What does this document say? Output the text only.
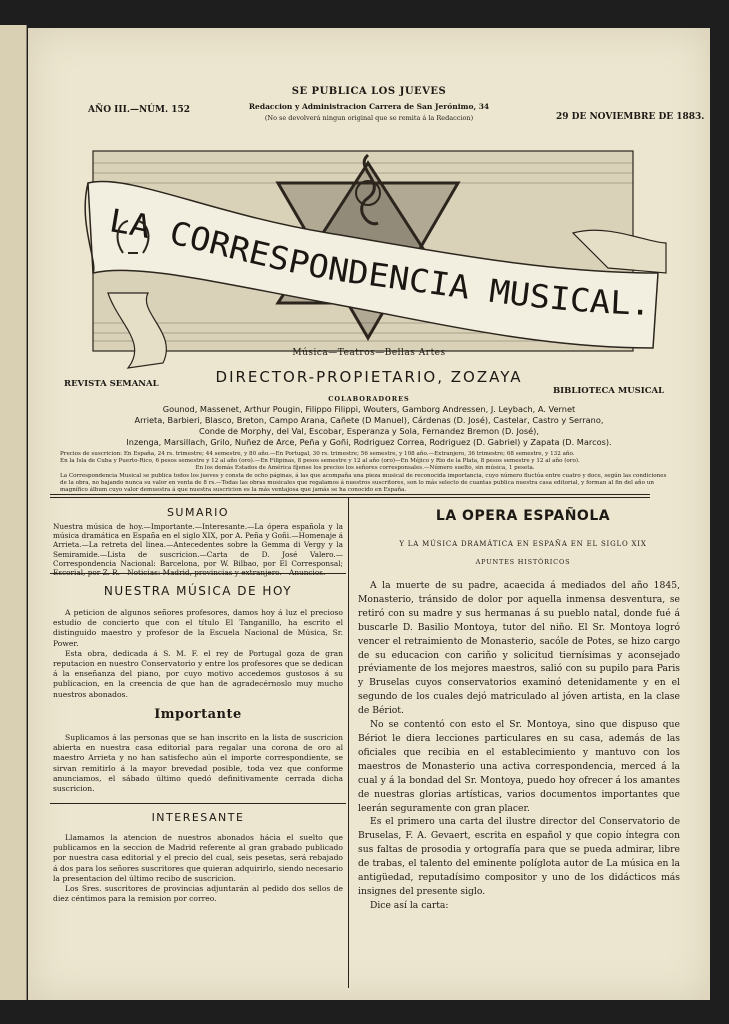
SE PUBLICA LOS JUEVES
Redaccion y Administracion Carrera de San Jerónimo, 34
(No se devolverá ningun original que se remita á la Redaccion)
AÑO III.—NÚM. 152
29 DE NOVIEMBRE DE 1883.
LA CORRESPONDENCIA MUSICAL.
Música—Teatros—Bellas Artes
DIRECTOR-PROPIETARIO, ZOZAYA
REVISTA SEMANAL
BIBLIOTECA MUSICAL
COLABORADORES
Gounod, Massenet, Arthur Pougin, Filippo Filippi, Wouters, Gamborg Andressen, J. Leybach, A. Vernet
Arrieta, Barbieri, Blasco, Breton, Campo Arana, Cañete (D Manuel), Cárdenas (D. José), Castelar, Castro y Serrano,
Conde de Morphy, del Val, Escobar, Esperanza y Sola, Fernandez Bremon (D. José),
Inzenga, Marsillach, Grilo, Nuñez de Arce, Peña y Goñi, Rodriguez Correa, Rodriguez (D. Gabriel) y Zapata (D. Marcos).
Precios de suscricion: En España, 24 rs. trimestre; 44 semestre, y 80 año.—En Portugal, 30 rs. trimestre; 56 semestre, y 108 año.—Extranjero, 36 trimestre; 68 semestre, y 132 año.
En la Isla de Cuba y Puerto-Rico, 6 pesos semestre y 12 al año (oro).—En Filipinas, 8 pesos semestre y 12 al año (oro)—En Méjico y Rio de la Plata, 8 pesos semestre y 12 al año (oro).
En los demás Estados de América fíjense los precios los señores corresponsales.—Número suelto, sin música, 1 peseta.
La Correspondencia Musical se publica todos los jueves y consta de ocho páginas, á las que acompaña una pieza musical de reconocida importancia, cuyo número fluctúa entre cuatro y doce, según las condiciones de la obra, no bajando nunca su valor en venta de 8 rs.—Todas las obras musicales que regalamos á nuestros suscritores, son lo más selecto de cuantas publica nuestra casa editorial, y forman al fin del año un magnífico álbum cuyo valor demuestra á que nuestra suscricion es la más ventajosa que jamás se ha conocido en España.
SUMARIO
Nuestra música de hoy.—Importante.—Interesante.—La ópera española y la música dramática en España en el siglo XIX, por A. Peña y Goñi.—Homenaje á Arrieta.—La retreta del linea.—Antecedentes sobre la Gemma di Vergy y la Semiramide.—Lista de suscricion.—Carta de D. José Valero.—Correspondencia Nacional: Barcelona, por W. Bilbao, por El Corresponsal; Escorial, por Z. R.—Noticias: Madrid, provincias y extranjero.—Anuncios.
NUESTRA MÚSICA DE HOY

A peticion de algunos señores profesores, damos hoy á luz el precioso estudio de concierto que con el título El Tanganillo, ha escrito el distinguido maestro y profesor de la Escuela Nacional de Música, Sr. Power.

Esta obra, dedicada á S. M. F. el rey de Portugal goza de gran reputacion en nuestro Conservatorio y entre los profesores que se dedican á la enseñanza del piano, por cuyo motivo accedemos gustosos á su publicacion, en la creencia de que han de agradecérnoslo muy mucho nuestros abonados.

Importante

Suplicamos á las personas que se han inscrito en la lista de suscricion abierta en nuestra casa editorial para regalar una corona de oro al maestro Arrieta y no han satisfecho aún el importe correspondiente, se sirvan remitirlo á la mayor brevedad posible, toda vez que conforme anunciamos, el sábado último quedó definitivamente cerrada dicha suscricion.

INTERESANTE

Llamamos la atencion de nuestros abonados hácia el suelto que publicamos en la seccion de Madrid referente al gran grabado publicado por nuestra casa editorial y el precio del cual, seis pesetas, será rebajado á dos para los señores suscritores que quieran adquirirlo, siendo necesario la presentacion del último recibo de suscricion.

Los Sres. suscritores de provincias adjuntarán al pedido dos sellos de diez céntimos para la remision por correo.

LA OPERA ESPAÑOLA
Y LA MÚSICA DRAMÁTICA EN ESPAÑA EN EL SIGLO XIX
APUNTES HISTÓRICOS

A la muerte de su padre, acaecida á mediados del año 1845, Monasterio, tránsido de dolor por aquella inmensa desventura, se retiró con su madre y sus hermanas á su pueblo natal, donde fué á buscarle D. Basilio Montoya, tutor del niño. El Sr. Montoya logró vencer el retraimiento de Monasterio, sacóle de Potes, se hizo cargo de su educacion con cariño y solicitud tiernísimas y aconsejado préviamente de los mejores maestros, salió con su pupilo para Paris y Bruselas cuyos conservatorios examinó detenidamente y en el segundo de los cuales dejó matriculado al jóven artista, en la clase de Bériot.

No se contentó con esto el Sr. Montoya, sino que dispuso que Bériot le diera lecciones particulares en su casa, además de las oficiales que recibia en el establecimiento y mantuvo con los maestros de Monasterio una activa correspondencia, merced á la cual y á la bondad del Sr. Montoya, puedo hoy ofrecer á los amantes de nuestras glorias artísticas, varios documentos importantes que leerán seguramente con gran placer.

Es el primero una carta del ilustre director del Conservatorio de Bruselas, F. A. Gevaert, escrita en español y que copio íntegra con sus faltas de prosodia y ortografía para que se pueda admirar, libre de trabas, el talento del eminente políglota autor de La música en la antigüedad, reputadísimo compositor y uno de los didácticos más insignes del presente siglo.

Dice así la carta:
